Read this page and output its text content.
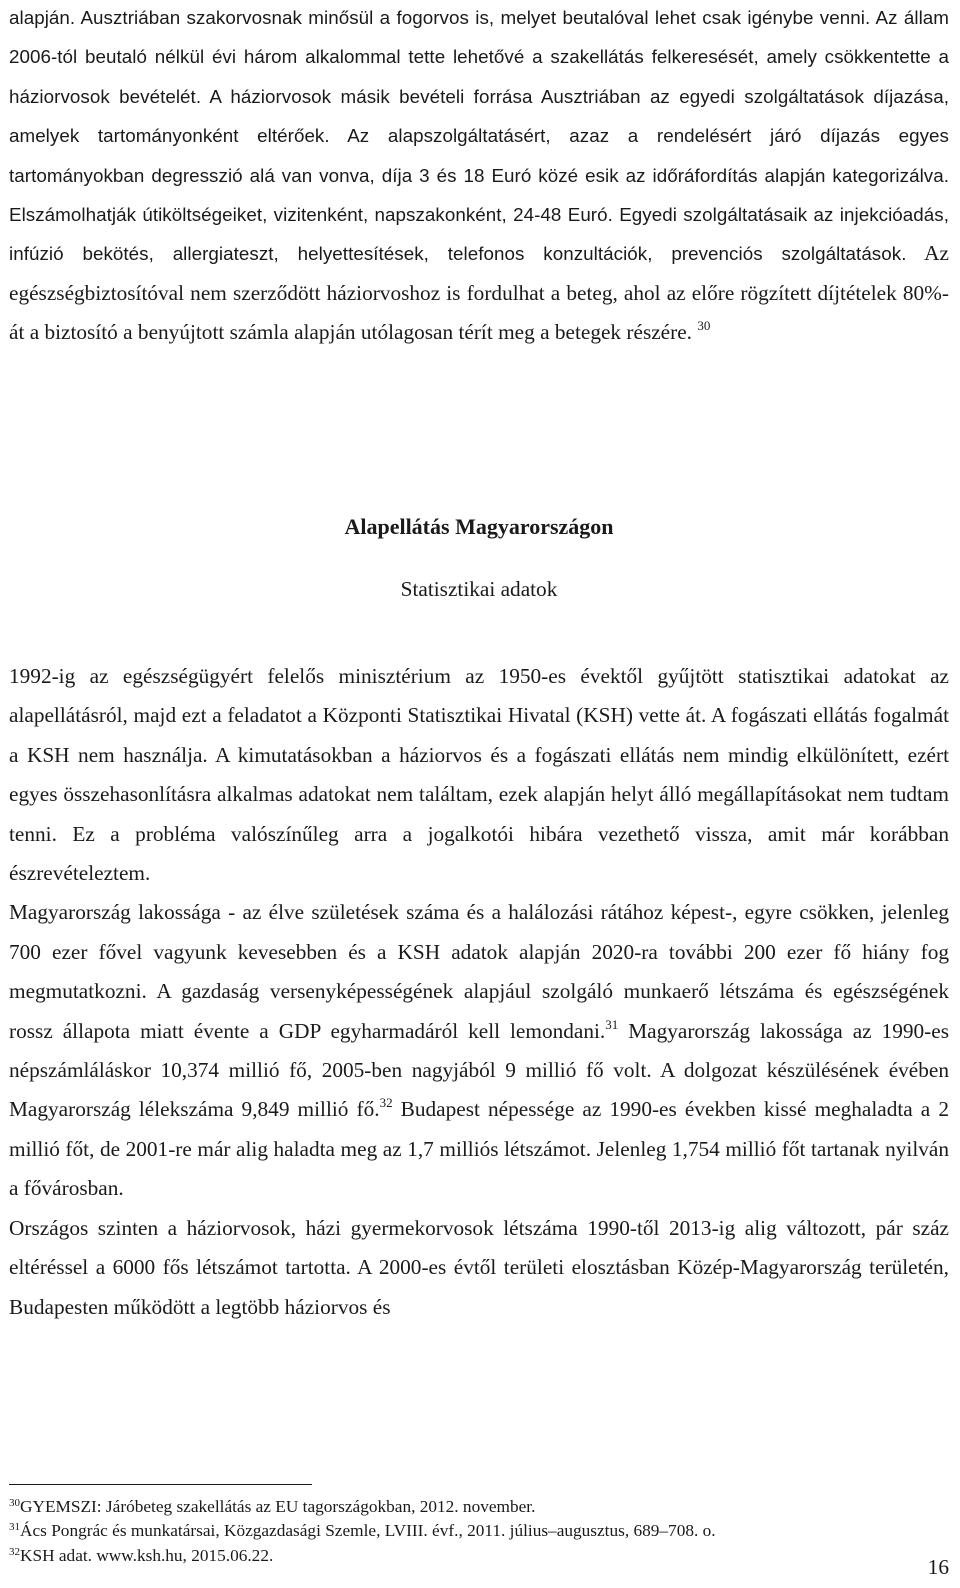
alapján. Ausztriában szakorvosnak minősül a fogorvos is, melyet beutalóval lehet csak igénybe venni. Az állam 2006-tól beutaló nélkül évi három alkalommal tette lehetővé a szakellátás felkeresését, amely csökkentette a háziorvosok bevételét. A háziorvosok másik bevételi forrása Ausztriában az egyedi szolgáltatások díjazása, amelyek tartományonként eltérőek. Az alapszolgáltatásért, azaz a rendelésért járó díjazás egyes tartományokban degresszió alá van vonva, díja 3 és 18 Euró közé esik az időráfordítás alapján kategorizálva. Elszámolhatják útiköltségeiket, vizitenként, napszakonként, 24-48 Euró. Egyedi szolgáltatásaik az injekcióadás, infúzió bekötés, allergiateszt, helyettesítések, telefonos konzultációk, prevenciós szolgáltatások. Az egészségbiztosítóval nem szerződött háziorvoshoz is fordulhat a beteg, ahol az előre rögzített díjtételek 80%-át a biztosító a benyújtott számla alapján utólagosan térít meg a betegek részére. $^{30}$

Alapellátás Magyarországon

Statisztikai adatok

1992-ig az egészségügyért felelős minisztérium az 1950-es évektől gyűjtött statisztikai adatokat az alapellátásról, majd ezt a feladatot a Központi Statisztikai Hivatal (KSH) vette át. A fogászati ellátás fogalmát a KSH nem használja. A kimutatásokban a háziorvos és a fogászati ellátás nem mindig elkülönített, ezért egyes összehasonlításra alkalmas adatokat nem találtam, ezek alapján helyt álló megállapításokat nem tudtam tenni. Ez a probléma valószínűleg arra a jogalkotói hibára vezethető vissza, amit már korábban észrevételeztem.

Magyarország lakossága - az élve születések száma és a halálozási rátához képest-, egyre csökken, jelenleg 700 ezer fővel vagyunk kevesebben és a KSH adatok alapján 2020-ra további 200 ezer fő hiány fog megmutatkozni. A gazdaság versenyképességének alapjául szolgáló munkaerő létszáma és egészségének rossz állapota miatt évente a GDP egyharmadáról kell lemondani.$^{31}$ Magyarország lakossága az 1990-es népszámláláskor 10,374 millió fő, 2005-ben nagyjából 9 millió fő volt. A dolgozat készülésének évében Magyarország lélekszáma 9,849 millió fő.$^{32}$ Budapest népessége az 1990-es években kissé meghaladta a 2 millió főt, de 2001-re már alig haladta meg az 1,7 milliós létszámot. Jelenleg 1,754 millió főt tartanak nyilván a fővárosban.

Országos szinten a háziorvosok, házi gyermekorvosok létszáma 1990-től 2013-ig alig változott, pár száz eltéréssel a 6000 fős létszámot tartotta. A 2000-es évtől területi elosztásban Közép-Magyarország területén, Budapesten működött a legtöbb háziorvos és

$^{30}$GYEMSZI: Járóbeteg szakellátás az EU tagországokban, 2012. november.

$^{31}$Ács Pongrác és munkatársai, Közgazdasági Szemle, LVIII. évf., 2011. július–augusztus, 689–708. o.

$^{32}$KSH adat. www.ksh.hu, 2015.06.22.	16
